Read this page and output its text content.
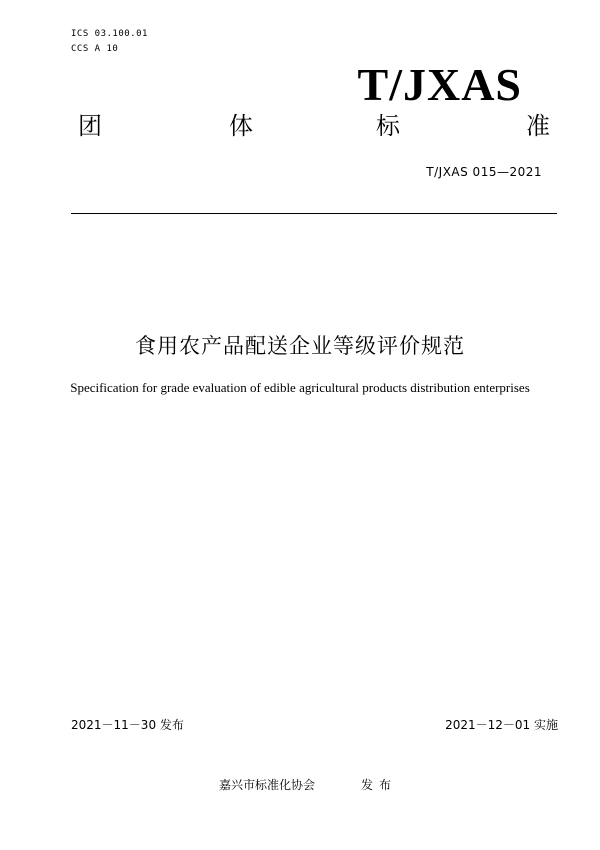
ICS 03.100.01
CCS A 10
T/JXAS
团	体	标	准
T/JXAS 015—2021
食用农产品配送企业等级评价规范
Specification for grade evaluation of edible agricultural products distribution enterprises
2021－11－30 发布	2021－12－01 实施
嘉兴市标准化协会	发布
